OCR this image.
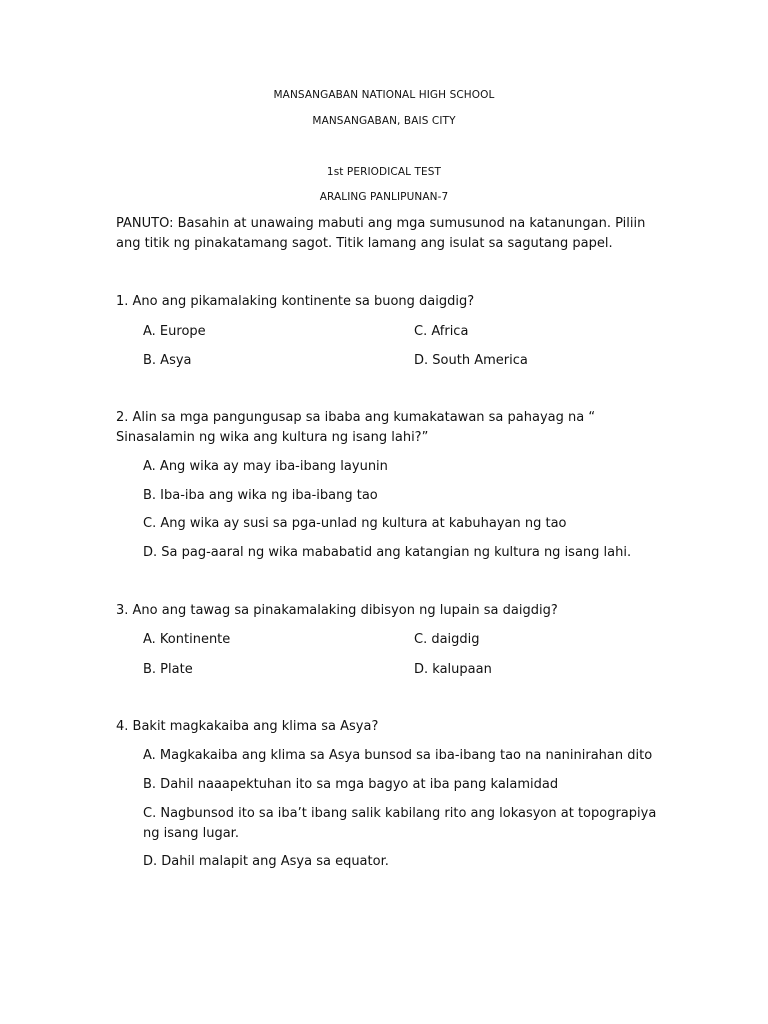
MANSANGABAN NATIONAL HIGH SCHOOL
MANSANGABAN, BAIS CITY
1st PERIODICAL TEST
ARALING PANLIPUNAN-7
PANUTO: Basahin at unawaing mabuti ang mga sumusunod na katanungan. Piliin ang titik ng pinakatamang sagot. Titik lamang ang isulat sa sagutang papel.
1. Ano ang pikamalaking kontinente sa buong daigdig?
A. Europe	C. Africa
B. Asya	D. South America
2. Alin sa mga pangungusap sa ibaba ang kumakatawan sa pahayag na “ Sinasalamin ng wika ang kultura ng isang lahi?”
A. Ang wika ay may iba-ibang layunin
B. Iba-iba ang wika ng iba-ibang tao
C. Ang wika ay susi sa pga-unlad ng kultura at kabuhayan ng tao
D. Sa pag-aaral ng wika mababatid ang katangian ng kultura ng isang lahi.
3. Ano ang tawag sa pinakamalaking dibisyon ng lupain sa daigdig?
A. Kontinente	C. daigdig
B. Plate	D. kalupaan
4. Bakit magkakaiba ang klima sa Asya?
A. Magkakaiba ang klima sa Asya bunsod sa iba-ibang tao na naninirahan dito
B. Dahil naaapektuhan ito sa mga bagyo at iba pang kalamidad
C. Nagbunsod ito sa iba’t ibang salik kabilang rito ang lokasyon at topograpiya ng isang lugar.
D. Dahil malapit ang Asya sa equator.
